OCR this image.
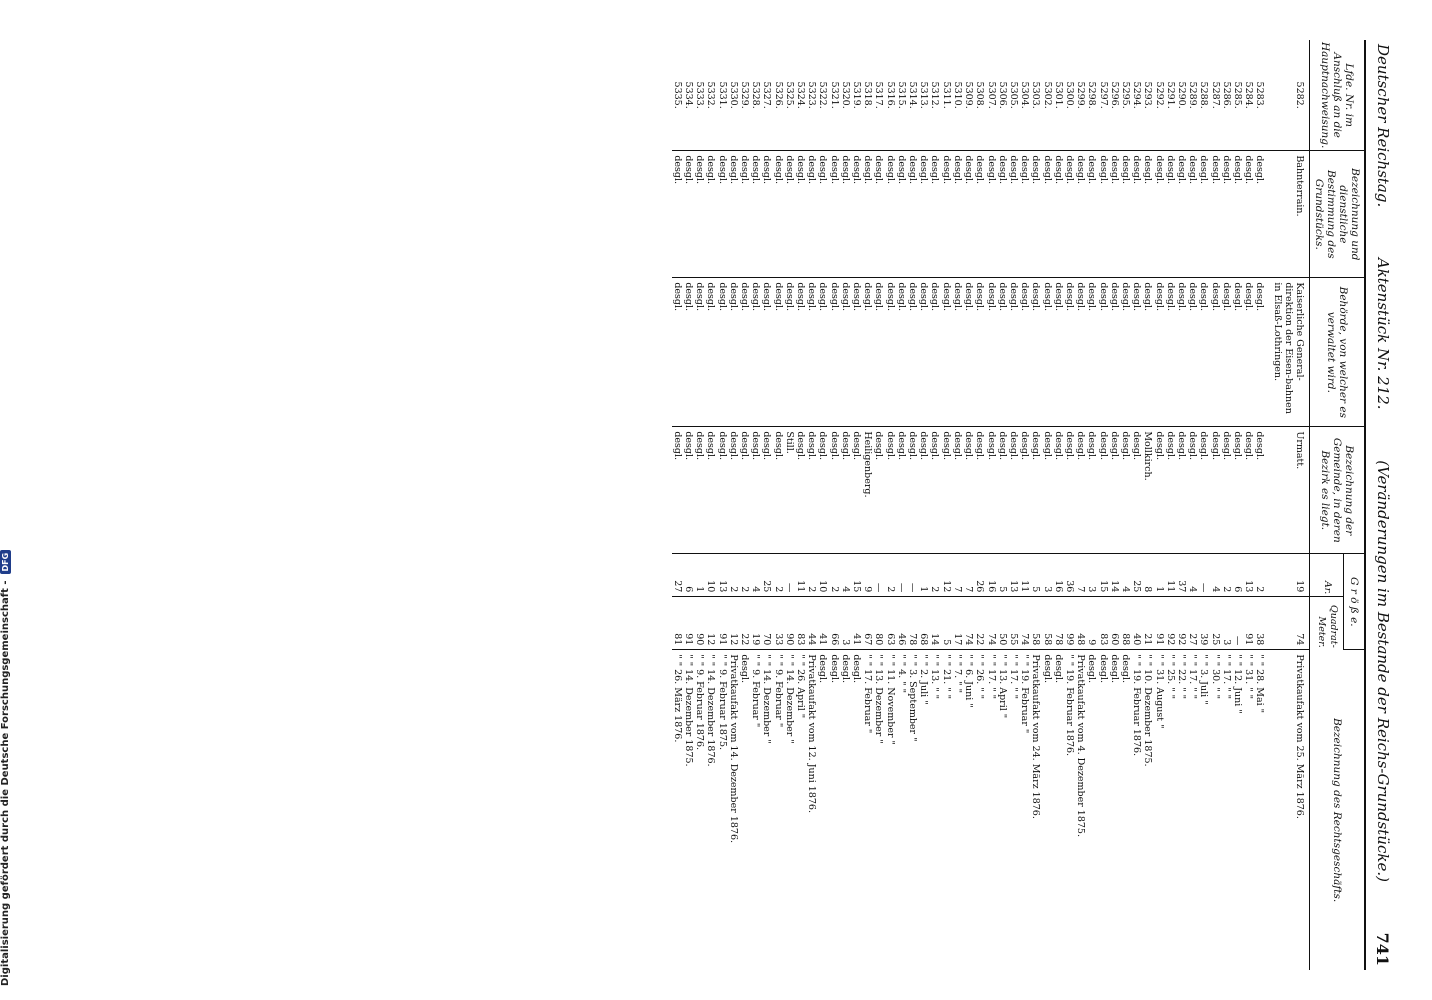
Digitalisierung gefördert durch die Deutsche Forschungsgemeinschaft -
DFG
Deutscher Reichstag.
Aktenstück Nr. 212.
(Veränderungen im Bestande der Reichs-Grundstücke.)
741
Lfde. Nr. im Anschluß an die Hauptnachweisung.	Bezeichnung und dienstliche Bestimmung des Grundstücks.	Behörde, von welcher es verwaltet wird.	Bezeichnung der Gemeinde, in deren Bezirk es liegt.	G r ö ß e.		Bezeichnung des Rechtsgeschäfts.
				Ar.	Quadrat-Meter.	
5282.	Bahnterrain.	Kaiserliche General-direktion der Eisen-bahnen in Elsaß-Lothringen.	Urmatt.	19	74	Privatkaufakt vom 25. März 1876.
5283.	desgl.	desgl.	desgl.	2	38	" " 28. Mai "
5284.	desgl.	desgl.	desgl.	13	91	" " 31. " "
5285.	desgl.	desgl.	desgl.	6	—	" " 12. Juni "
5286.	desgl.	desgl.	desgl.	2	3	" " 17. " "
5287.	desgl.	desgl.	desgl.	4	25	" " 30. " "
5288.	desgl.	desgl.	desgl.	—	39	" " 3. Juli "
5289.	desgl.	desgl.	desgl.	4	27	" " 17. " "
5290.	desgl.	desgl.	desgl.	37	92	" " 22. " "
5291.	desgl.	desgl.	desgl.	11	92	" " 25. " "
5292.	desgl.	desgl.	desgl.	1	91	" " 31. August "
5293.	desgl.	desgl.	Mollkirch.	8	21	" " 10. Dezember 1875.
5294.	desgl.	desgl.	desgl.	25	40	" " 19. Februar 1876.
5295.	desgl.	desgl.	desgl.	4	88	desgl.
5296.	desgl.	desgl.	desgl.	14	60	desgl.
5297.	desgl.	desgl.	desgl.	15	83	desgl.
5298.	desgl.	desgl.	desgl.	3	9	desgl.
5299.	desgl.	desgl.	desgl.	7	48	Privatkaufakt vom 4. Dezember 1875.
5300.	desgl.	desgl.	desgl.	36	99	" " 19. Februar 1876.
5301.	desgl.	desgl.	desgl.	16	78	desgl.
5302.	desgl.	desgl.	desgl.	3	58	desgl.
5303.	desgl.	desgl.	desgl.	5	58	Privatkaufakt vom 24. März 1876.
5304.	desgl.	desgl.	desgl.	11	74	" " 19. Februar "
5305.	desgl.	desgl.	desgl.	13	55	" " 17. " "
5306.	desgl.	desgl.	desgl.	5	50	" " 13. April "
5307.	desgl.	desgl.	desgl.	16	74	" " 17. " "
5308.	desgl.	desgl.	desgl.	26	22	" " 26. " "
5309.	desgl.	desgl.	desgl.	7	74	" " 6. Juni "
5310.	desgl.	desgl.	desgl.	7	17	" " 7. " "
5311.	desgl.	desgl.	desgl.	12	5	" " 21. " "
5312.	desgl.	desgl.	desgl.	2	14	" " 13. " "
5313.	desgl.	desgl.	desgl.	1	68	" " 2. Juli "
5314.	desgl.	desgl.	desgl.	—	78	" " 3. September "
5315.	desgl.	desgl.	desgl.	—	46	" " 4. " "
5316.	desgl.	desgl.	desgl.	2	63	" " 11. November "
5317.	desgl.	desgl.	desgl.	—	80	" " 13. Dezember "
5318.	desgl.	desgl.	Heiligenberg.	9	67	" " 17. Februar "
5319.	desgl.	desgl.	desgl.	15	41	desgl.
5320.	desgl.	desgl.	desgl.	4	3	desgl.
5321.	desgl.	desgl.	desgl.	2	66	desgl.
5322.	desgl.	desgl.	desgl.	10	41	desgl.
5323.	desgl.	desgl.	desgl.	2	44	Privatkaufakt vom 12. Juni 1876.
5324.	desgl.	desgl.	desgl.	11	83	" " 26. April "
5325.	desgl.	desgl.	Still.	—	90	" " 14. Dezember "
5326.	desgl.	desgl.	desgl.	2	33	" " 9. Februar "
5327.	desgl.	desgl.	desgl.	25	70	" " 14. Dezember "
5328.	desgl.	desgl.	desgl.	4	19	" " 9. Februar "
5329.	desgl.	desgl.	desgl.	2	22	desgl.
5330.	desgl.	desgl.	desgl.	2	12	Privatkaufakt vom 14. Dezember 1876.
5331.	desgl.	desgl.	desgl.	13	91	" " 9. Februar 1875.
5332.	desgl.	desgl.	desgl.	10	12	" " 14. Dezember 1876.
5333.	desgl.	desgl.	desgl.	1	90	" " 9. Februar 1876.
5334.	desgl.	desgl.	desgl.	6	91	" " 14. Dezember 1875.
5335.	desgl.	desgl.	desgl.	27	81	" " 26. März 1876.
